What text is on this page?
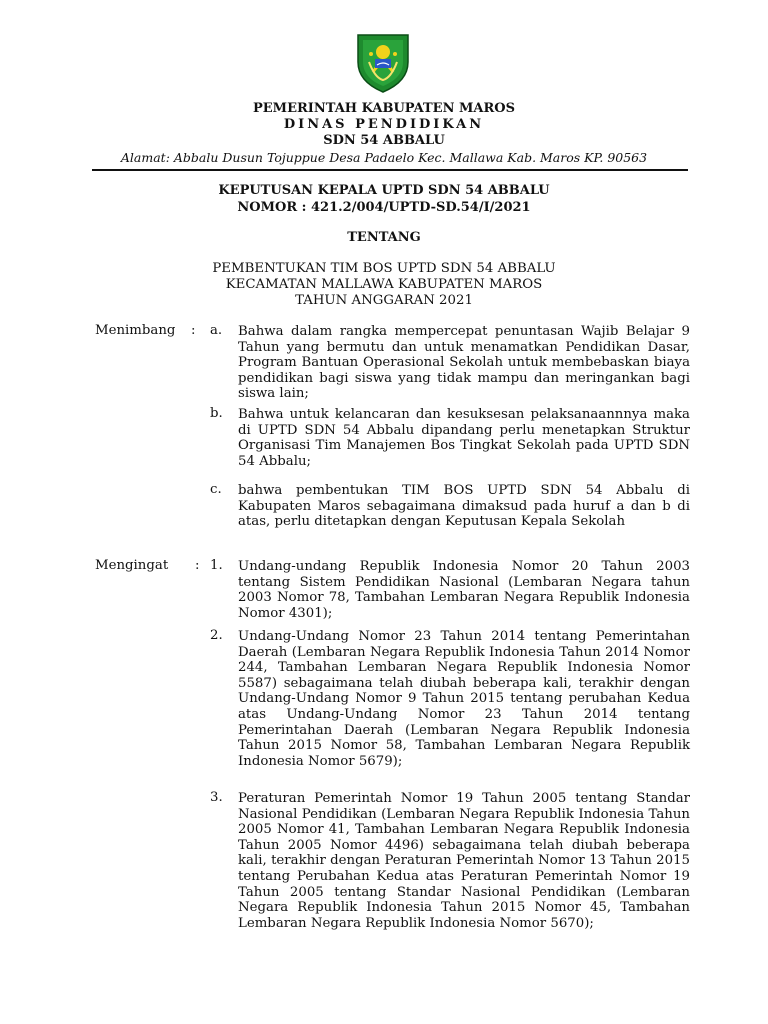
PEMERINTAH KABUPATEN MAROS
DINAS PENDIDIKAN
SDN 54 ABBALU
Alamat: Abbalu Dusun Tojuppue Desa Padaelo Kec. Mallawa Kab. Maros KP. 90563
KEPUTUSAN KEPALA UPTD SDN 54 ABBALU
NOMOR : 421.2/004/UPTD-SD.54/I/2021
TENTANG
PEMBENTUKAN TIM BOS UPTD SDN 54 ABBALU
KECAMATAN MALLAWA KABUPATEN MAROS
TAHUN ANGGARAN 2021
Menimbang : a. Bahwa dalam rangka mempercepat penuntasan Wajib Belajar 9 Tahun yang bermutu dan untuk menamatkan Pendidikan Dasar, Program Bantuan Operasional Sekolah untuk membebaskan biaya pendidikan bagi siswa yang tidak mampu dan meringankan bagi siswa lain;
b. Bahwa untuk kelancaran dan kesuksesan pelaksanaannnya maka di UPTD SDN 54 Abbalu dipandang perlu menetapkan Struktur Organisasi Tim Manajemen Bos Tingkat Sekolah pada UPTD SDN 54 Abbalu;
c. bahwa pembentukan TIM BOS UPTD SDN 54 Abbalu di Kabupaten Maros sebagaimana dimaksud pada huruf a dan b di atas, perlu ditetapkan dengan Keputusan Kepala Sekolah
Mengingat : 1. Undang-undang Republik Indonesia Nomor 20 Tahun 2003 tentang Sistem Pendidikan Nasional (Lembaran Negara tahun 2003 Nomor 78, Tambahan Lembaran Negara Republik Indonesia Nomor 4301);
2. Undang-Undang Nomor 23 Tahun 2014 tentang Pemerintahan Daerah (Lembaran Negara Republik Indonesia Tahun 2014 Nomor 244, Tambahan Lembaran Negara Republik Indonesia Nomor 5587) sebagaimana telah diubah beberapa kali, terakhir dengan Undang-Undang Nomor 9 Tahun 2015 tentang perubahan Kedua atas Undang-Undang Nomor 23 Tahun 2014 tentang Pemerintahan Daerah (Lembaran Negara Republik Indonesia Tahun 2015 Nomor 58, Tambahan Lembaran Negara Republik Indonesia Nomor 5679);
3. Peraturan Pemerintah Nomor 19 Tahun 2005 tentang Standar Nasional Pendidikan (Lembaran Negara Republik Indonesia Tahun 2005 Nomor 41, Tambahan Lembaran Negara Republik Indonesia Tahun 2005 Nomor 4496) sebagaimana telah diubah beberapa kali, terakhir dengan Peraturan Pemerintah Nomor 13 Tahun 2015 tentang Perubahan Kedua atas Peraturan Pemerintah Nomor 19 Tahun 2005 tentang Standar Nasional Pendidikan (Lembaran Negara Republik Indonesia Tahun 2015 Nomor 45, Tambahan Lembaran Negara Republik Indonesia Nomor 5670);
